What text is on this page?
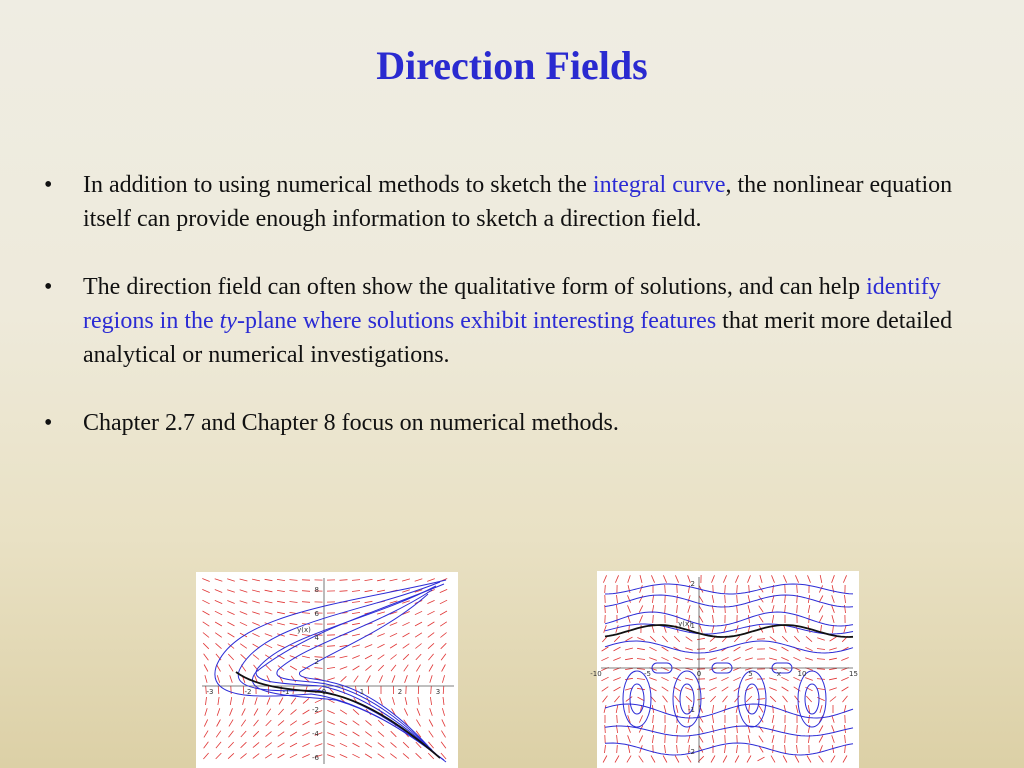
Direction Fields
•	In addition to using numerical methods to sketch the integral curve, the nonlinear equation itself can provide enough information to sketch a direction field.
•	The direction field can often show the qualitative form of solutions, and can help identify regions in the ty-plane where solutions exhibit interesting features that merit more detailed analytical or numerical investigations.
•	Chapter 2.7 and Chapter 8 focus on numerical methods.
-3	-2	-1	0	1	2	3
8
6
4
2
-2
-4
-6
y(x)
-10	-5	0	5	10	15
2
1
-1
-2
y(x)
x
